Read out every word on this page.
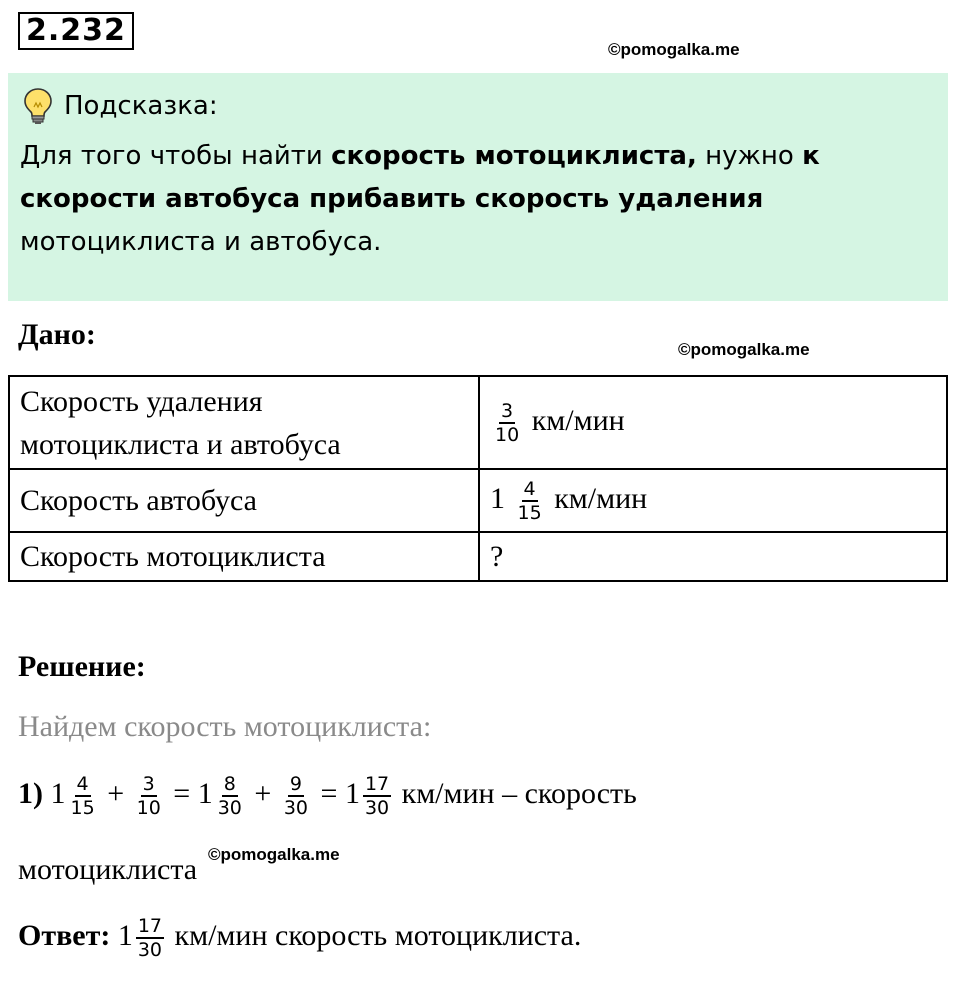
2.232
©pomogalka.me
Подсказка:
Для того чтобы найти скорость мотоциклиста, нужно к
скорости автобуса прибавить скорость удаления
мотоциклиста и автобуса.
Дано:	©pomogalka.me
Скорость удаления
мотоциклиста и автобуса	$\frac{3}{10} км/мин$
Скорость автобуса	$1 \frac{4}{15} км/мин$
Скорость мотоциклиста	?
Решение:
Найдем скорость мотоциклиста:
1) $1 \frac{4}{15} + \frac{3}{10} = 1 \frac{8}{30} + \frac{9}{30} = 1 \frac{17}{30} км/мин$ – скорость
©pomogalka.me
мотоциклиста
Ответ: $1 \frac{17}{30} км/мин$ скорость мотоциклиста.
